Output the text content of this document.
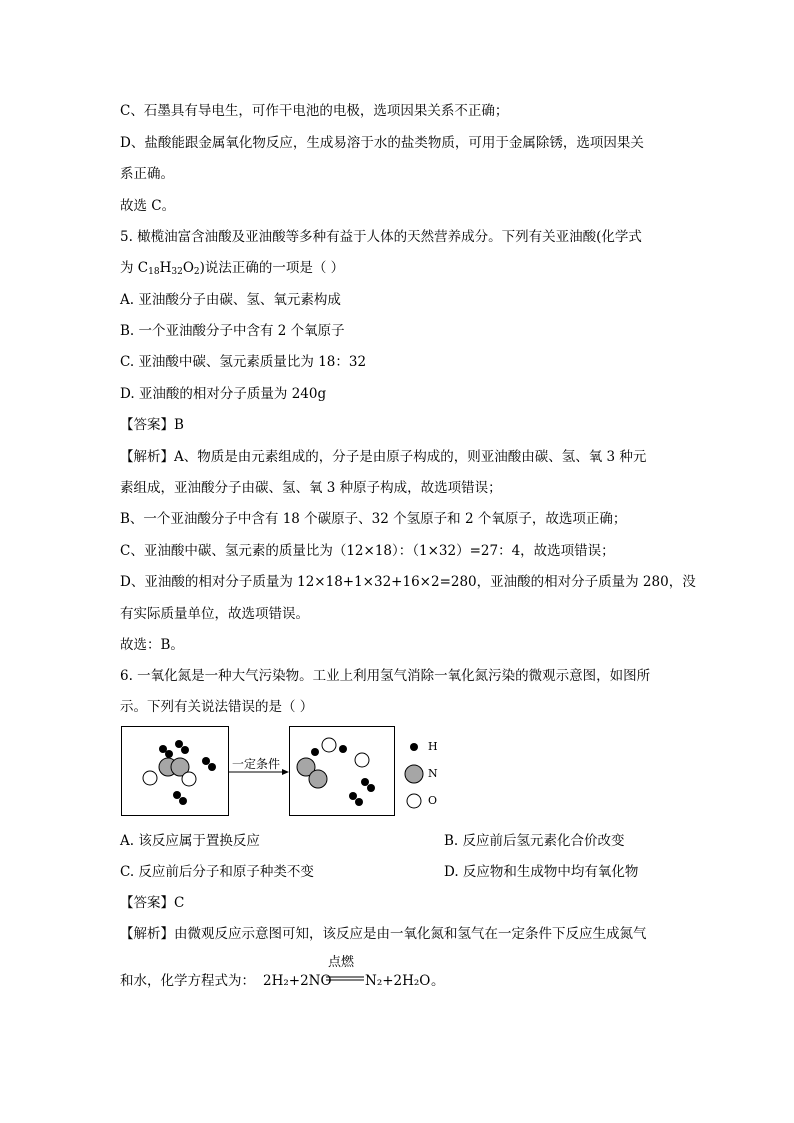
C、石墨具有导电生，可作干电池的电极，选项因果关系不正确；
D、盐酸能跟金属氧化物反应，生成易溶于水的盐类物质，可用于金属除锈，选项因果关
系正确。
故选 C。
5. 橄榄油富含油酸及亚油酸等多种有益于人体的天然营养成分。下列有关亚油酸(化学式
为 $C_{18}H_{32}O_2$)说法正确的一项是（ ）
A. 亚油酸分子由碳、氢、氧元素构成
B. 一个亚油酸分子中含有 2 个氧原子
C. 亚油酸中碳、氢元素质量比为 18：32
D. 亚油酸的相对分子质量为 240g
【答案】B
【解析】A、物质是由元素组成的，分子是由原子构成的，则亚油酸由碳、氢、氧 3 种元
素组成，亚油酸分子由碳、氢、氧 3 种原子构成，故选项错误；
B、一个亚油酸分子中含有 18 个碳原子、32 个氢原子和 2 个氧原子，故选项正确；
C、亚油酸中碳、氢元素的质量比为（12×18）：（1×32）=27：4，故选项错误；
D、亚油酸的相对分子质量为 12×18+1×32+16×2=280，亚油酸的相对分子质量为 280，没
有实际质量单位，故选项错误。
故选：B。
6. 一氧化氮是一种大气污染物。工业上利用氢气消除一氧化氮污染的微观示意图，如图所
示。下列有关说法错误的是（ ）
一定条件
H
N
O
A. 该反应属于置换反应	B. 反应前后氢元素化合价改变
C. 反应前后分子和原子种类不变	D. 反应物和生成物中均有氧化物
【答案】C
【解析】由微观反应示意图可知，该反应是由一氧化氮和氢气在一定条件下反应生成氮气
和水，化学方程式为： 2H₂+2NO
点燃
N₂+2H₂O 。
